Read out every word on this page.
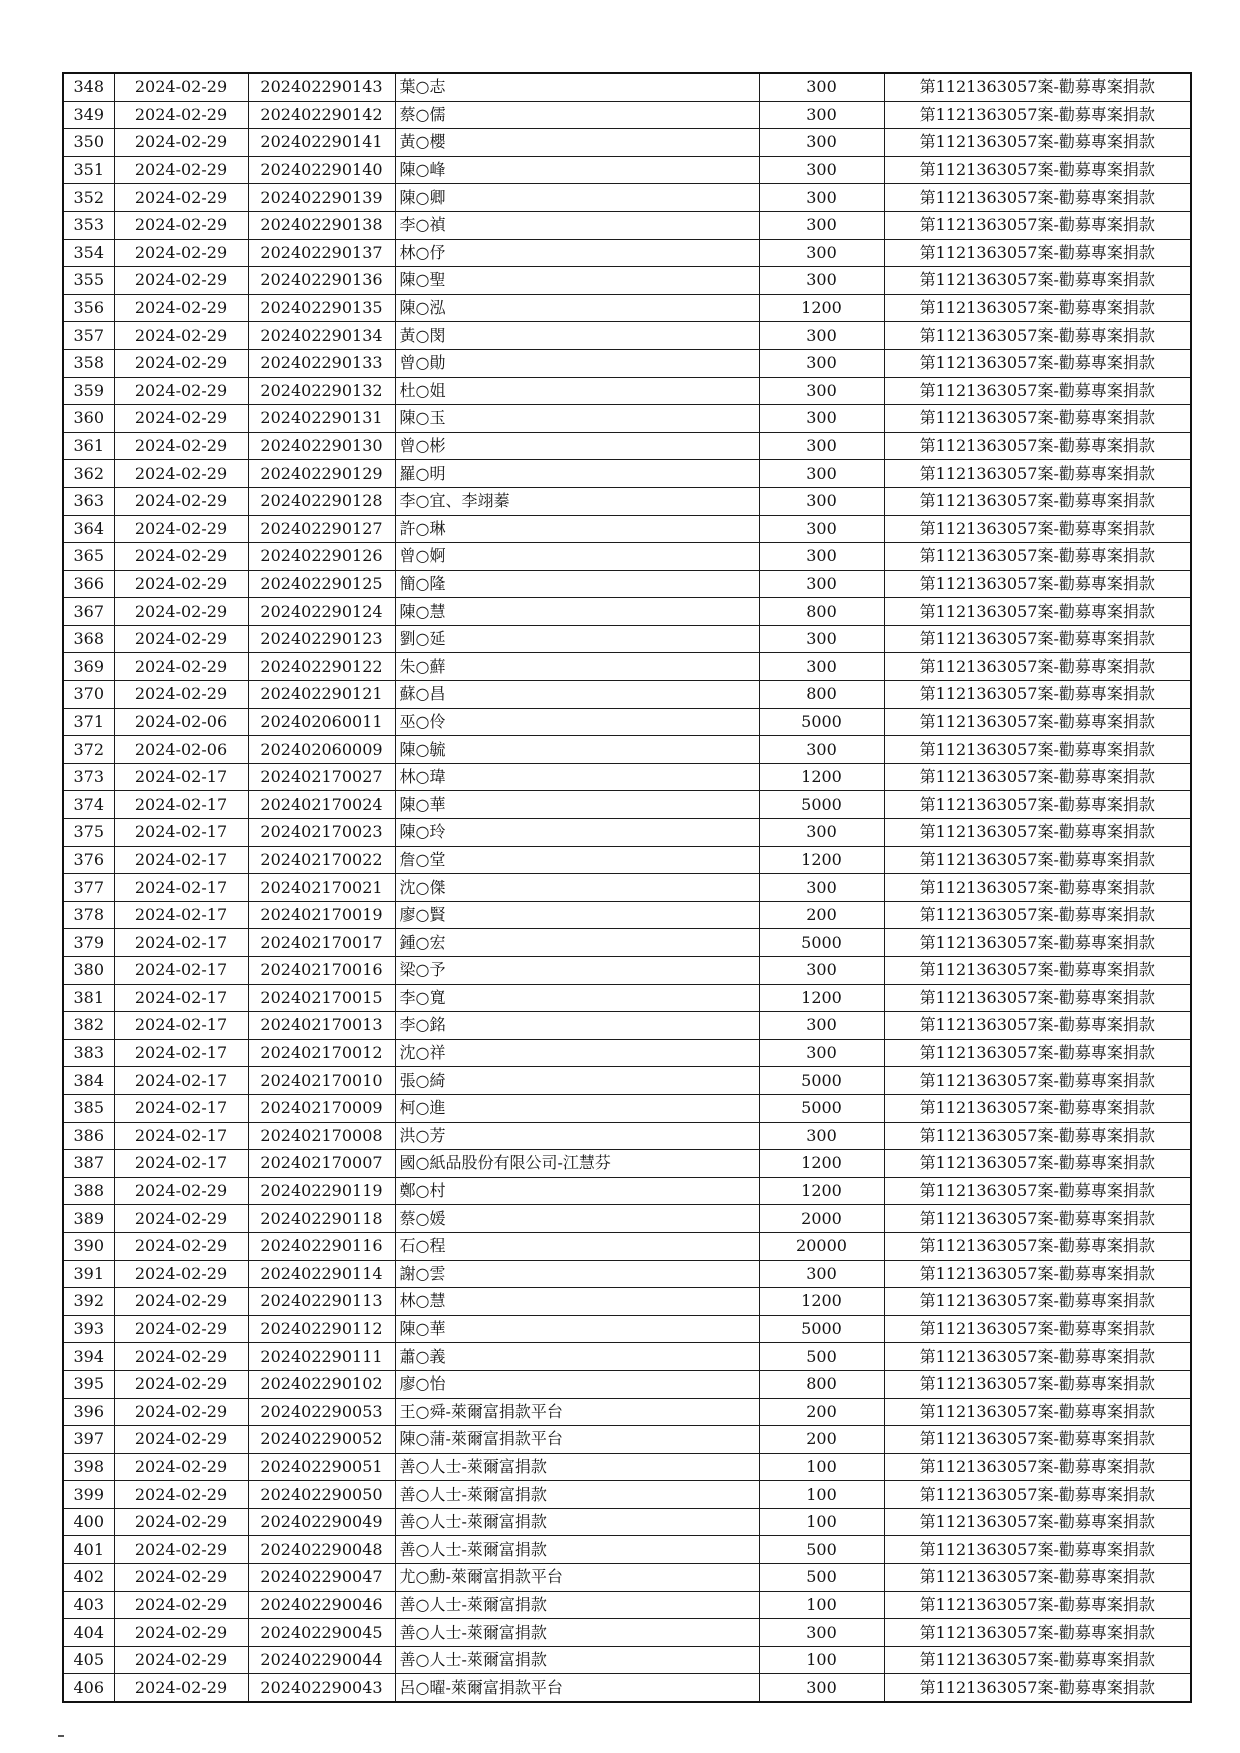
348	2024-02-29	202402290143	葉○志	300	第1121363057案-勸募專案捐款
349	2024-02-29	202402290142	蔡○儒	300	第1121363057案-勸募專案捐款
350	2024-02-29	202402290141	黃○櫻	300	第1121363057案-勸募專案捐款
351	2024-02-29	202402290140	陳○峰	300	第1121363057案-勸募專案捐款
352	2024-02-29	202402290139	陳○卿	300	第1121363057案-勸募專案捐款
353	2024-02-29	202402290138	李○禎	300	第1121363057案-勸募專案捐款
354	2024-02-29	202402290137	林○伃	300	第1121363057案-勸募專案捐款
355	2024-02-29	202402290136	陳○聖	300	第1121363057案-勸募專案捐款
356	2024-02-29	202402290135	陳○泓	1200	第1121363057案-勸募專案捐款
357	2024-02-29	202402290134	黃○閔	300	第1121363057案-勸募專案捐款
358	2024-02-29	202402290133	曾○勛	300	第1121363057案-勸募專案捐款
359	2024-02-29	202402290132	杜○姐	300	第1121363057案-勸募專案捐款
360	2024-02-29	202402290131	陳○玉	300	第1121363057案-勸募專案捐款
361	2024-02-29	202402290130	曾○彬	300	第1121363057案-勸募專案捐款
362	2024-02-29	202402290129	羅○明	300	第1121363057案-勸募專案捐款
363	2024-02-29	202402290128	李○宜、李翊蓁	300	第1121363057案-勸募專案捐款
364	2024-02-29	202402290127	許○琳	300	第1121363057案-勸募專案捐款
365	2024-02-29	202402290126	曾○婀	300	第1121363057案-勸募專案捐款
366	2024-02-29	202402290125	簡○隆	300	第1121363057案-勸募專案捐款
367	2024-02-29	202402290124	陳○慧	800	第1121363057案-勸募專案捐款
368	2024-02-29	202402290123	劉○延	300	第1121363057案-勸募專案捐款
369	2024-02-29	202402290122	朱○蘚	300	第1121363057案-勸募專案捐款
370	2024-02-29	202402290121	蘇○昌	800	第1121363057案-勸募專案捐款
371	2024-02-06	202402060011	巫○伶	5000	第1121363057案-勸募專案捐款
372	2024-02-06	202402060009	陳○毓	300	第1121363057案-勸募專案捐款
373	2024-02-17	202402170027	林○瑋	1200	第1121363057案-勸募專案捐款
374	2024-02-17	202402170024	陳○華	5000	第1121363057案-勸募專案捐款
375	2024-02-17	202402170023	陳○玲	300	第1121363057案-勸募專案捐款
376	2024-02-17	202402170022	詹○堂	1200	第1121363057案-勸募專案捐款
377	2024-02-17	202402170021	沈○傑	300	第1121363057案-勸募專案捐款
378	2024-02-17	202402170019	廖○賢	200	第1121363057案-勸募專案捐款
379	2024-02-17	202402170017	鍾○宏	5000	第1121363057案-勸募專案捐款
380	2024-02-17	202402170016	梁○予	300	第1121363057案-勸募專案捐款
381	2024-02-17	202402170015	李○寬	1200	第1121363057案-勸募專案捐款
382	2024-02-17	202402170013	李○銘	300	第1121363057案-勸募專案捐款
383	2024-02-17	202402170012	沈○祥	300	第1121363057案-勸募專案捐款
384	2024-02-17	202402170010	張○綺	5000	第1121363057案-勸募專案捐款
385	2024-02-17	202402170009	柯○進	5000	第1121363057案-勸募專案捐款
386	2024-02-17	202402170008	洪○芳	300	第1121363057案-勸募專案捐款
387	2024-02-17	202402170007	國○紙品股份有限公司-江慧芬	1200	第1121363057案-勸募專案捐款
388	2024-02-29	202402290119	鄭○村	1200	第1121363057案-勸募專案捐款
389	2024-02-29	202402290118	蔡○媛	2000	第1121363057案-勸募專案捐款
390	2024-02-29	202402290116	石○程	20000	第1121363057案-勸募專案捐款
391	2024-02-29	202402290114	謝○雲	300	第1121363057案-勸募專案捐款
392	2024-02-29	202402290113	林○慧	1200	第1121363057案-勸募專案捐款
393	2024-02-29	202402290112	陳○華	5000	第1121363057案-勸募專案捐款
394	2024-02-29	202402290111	蕭○義	500	第1121363057案-勸募專案捐款
395	2024-02-29	202402290102	廖○怡	800	第1121363057案-勸募專案捐款
396	2024-02-29	202402290053	王○舜-萊爾富捐款平台	200	第1121363057案-勸募專案捐款
397	2024-02-29	202402290052	陳○蒲-萊爾富捐款平台	200	第1121363057案-勸募專案捐款
398	2024-02-29	202402290051	善○人士-萊爾富捐款	100	第1121363057案-勸募專案捐款
399	2024-02-29	202402290050	善○人士-萊爾富捐款	100	第1121363057案-勸募專案捐款
400	2024-02-29	202402290049	善○人士-萊爾富捐款	100	第1121363057案-勸募專案捐款
401	2024-02-29	202402290048	善○人士-萊爾富捐款	500	第1121363057案-勸募專案捐款
402	2024-02-29	202402290047	尤○勳-萊爾富捐款平台	500	第1121363057案-勸募專案捐款
403	2024-02-29	202402290046	善○人士-萊爾富捐款	100	第1121363057案-勸募專案捐款
404	2024-02-29	202402290045	善○人士-萊爾富捐款	300	第1121363057案-勸募專案捐款
405	2024-02-29	202402290044	善○人士-萊爾富捐款	100	第1121363057案-勸募專案捐款
406	2024-02-29	202402290043	呂○曜-萊爾富捐款平台	300	第1121363057案-勸募專案捐款
